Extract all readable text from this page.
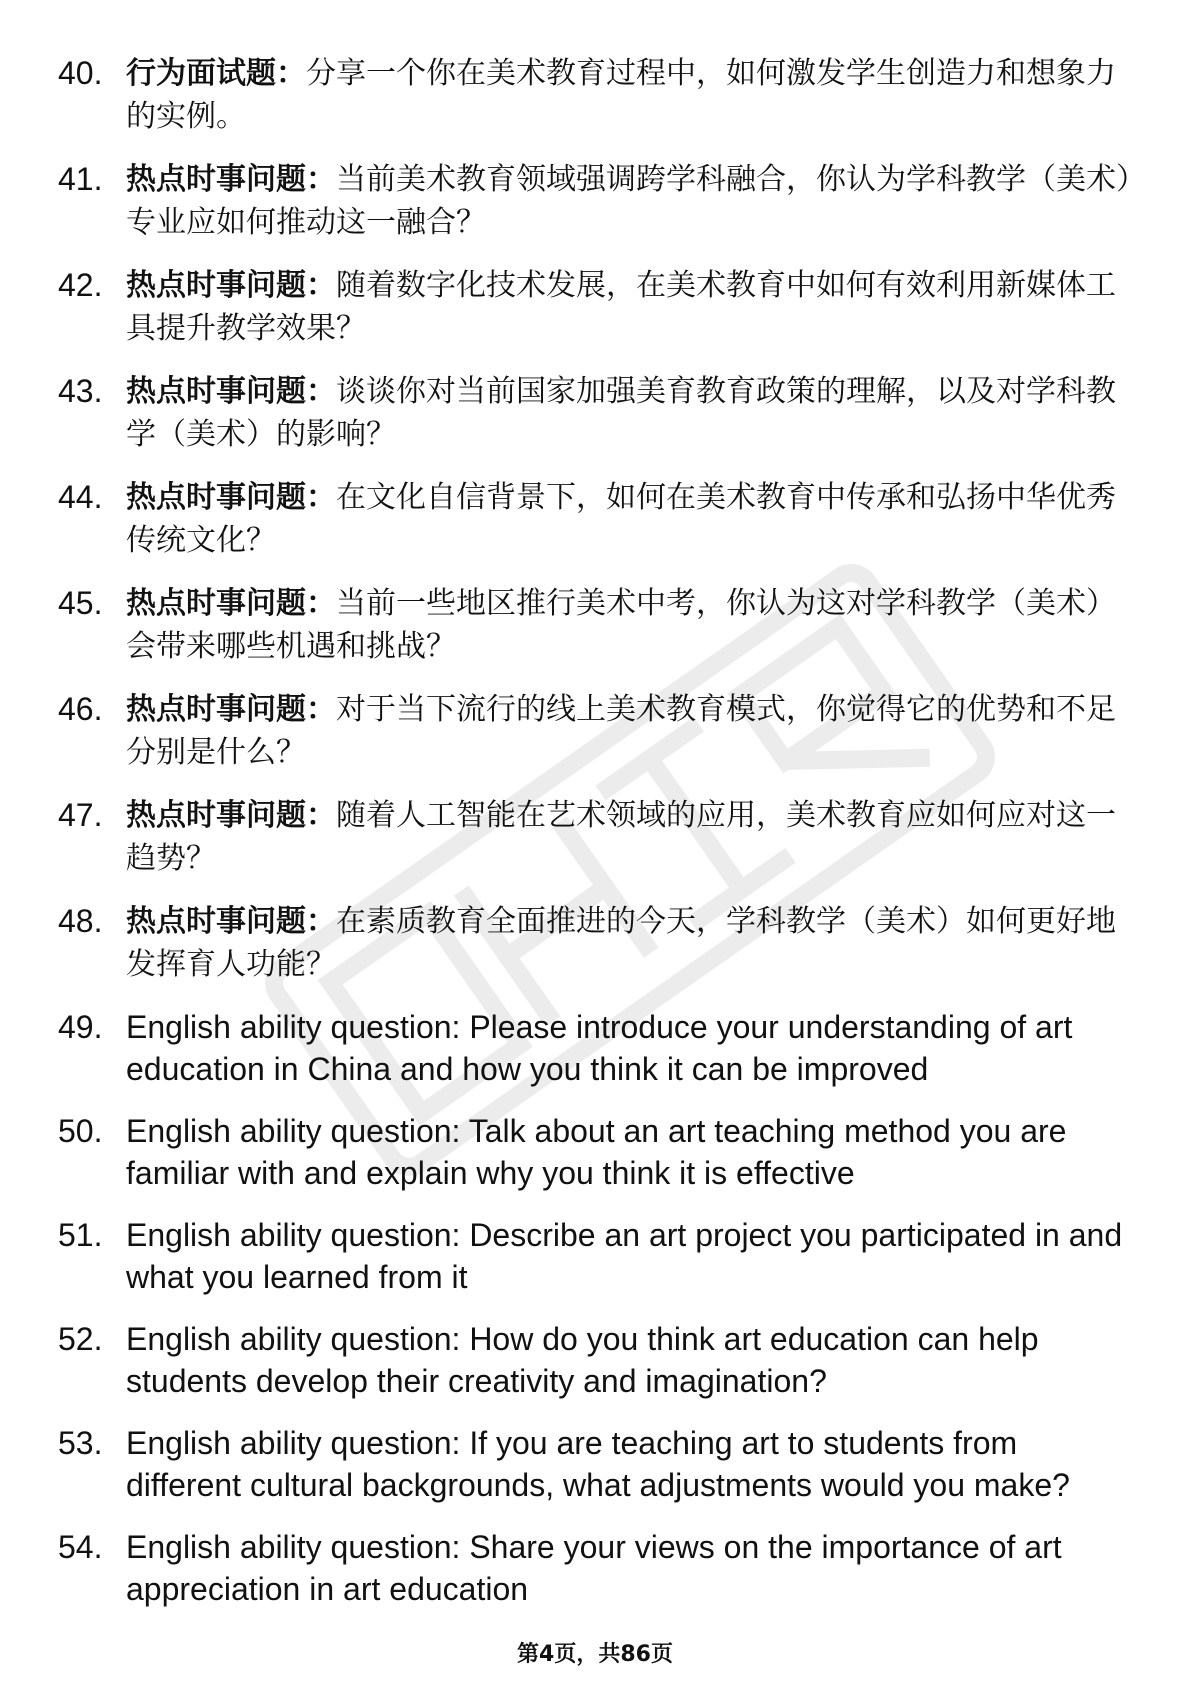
40. 行为面试题：分享一个你在美术教育过程中，如何激发学生创造力和想象力的实例。
41. 热点时事问题：当前美术教育领域强调跨学科融合，你认为学科教学（美术）专业应如何推动这一融合？
42. 热点时事问题：随着数字化技术发展，在美术教育中如何有效利用新媒体工具提升教学效果？
43. 热点时事问题：谈谈你对当前国家加强美育教育政策的理解，以及对学科教学（美术）的影响？
44. 热点时事问题：在文化自信背景下，如何在美术教育中传承和弘扬中华优秀传统文化？
45. 热点时事问题：当前一些地区推行美术中考，你认为这对学科教学（美术）会带来哪些机遇和挑战？
46. 热点时事问题：对于当下流行的线上美术教育模式，你觉得它的优势和不足分别是什么？
47. 热点时事问题：随着人工智能在艺术领域的应用，美术教育应如何应对这一趋势？
48. 热点时事问题：在素质教育全面推进的今天，学科教学（美术）如何更好地发挥育人功能？
49. English ability question: Please introduce your understanding of art education in China and how you think it can be improved
50. English ability question: Talk about an art teaching method you are familiar with and explain why you think it is effective
51. English ability question: Describe an art project you participated in and what you learned from it
52. English ability question: How do you think art education can help students develop their creativity and imagination?
53. English ability question: If you are teaching art to students from different cultural backgrounds, what adjustments would you make?
54. English ability question: Share your views on the importance of art appreciation in art education
第4页，共86页
